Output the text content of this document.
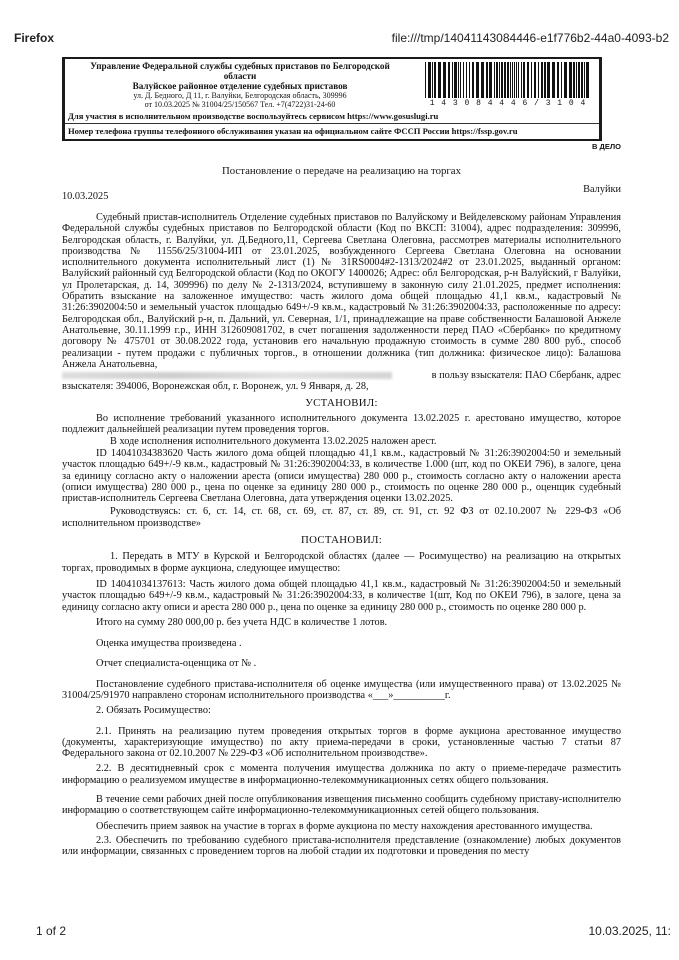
Firefox	file:///tmp/14041143084446-e1f776b2-44a0-4093-b2
Управление Федеральной службы судебных приставов по Белгородской
области
Валуйское районное отделение судебных приставов
ул. Д. Бедного, Д 11, г. Валуйки, Белгородская область, 309996
от 10.03.2025 № 31004/25/150567 Тел. +7(4722)31-24-60	1 4 3 0 8 4 4 4 6 / 3 1 0 4
Для участия в исполнительном производстве воспользуйтесь сервисом https://www.gosuslugi.ru
Номер телефона группы телефонного обслуживания указан на официальном сайте ФССП России https://fssp.gov.ru
В ДЕЛО
Постановление о передаче на реализацию на торгах
10.03.2025
Валуйки

Судебный пристав-исполнитель Отделение судебных приставов по Валуйскому и Вейделевскому районам Управления Федеральной службы судебных приставов по Белгородской области (Код по ВКСП: 31004), адрес подразделения: 309996, Белгородская область, г. Валуйки, ул. Д.Бедного,11, Сергеева Светлана Олеговна, рассмотрев материалы исполнительного производства № 11556/25/31004-ИП от 23.01.2025, возбужденного Сергеева Светлана Олеговна на основании исполнительного документа исполнительный лист (1) № 31RS0004#2-1313/2024#2 от 23.01.2025, выданный органом: Валуйский районный суд Белгородской области (Код по ОКОГУ 1400026; Адрес: обл Белгородская, р-н Валуйский, г Валуйки, ул Пролетарская, д. 14, 309996) по делу № 2-1313/2024, вступившему в законную силу 21.01.2025, предмет исполнения: Обратить взыскание на заложенное имущество: часть жилого дома общей площадью 41,1 кв.м., кадастровый № 31:26:3902004:50 и земельный участок площадью 649+/-9 кв.м., кадастровый № 31:26:3902004:33, расположенные по адресу: Белгородская обл., Валуйский р-н, п. Дальний, ул. Северная, 1/1, принадлежащие на праве собственности Балашовой Анжеле Анатольевне, 30.11.1999 г.р., ИНН 312609081702, в счет погашения задолженности перед ПАО «Сбербанк» по кредитному договору № 475701 от 30.08.2022 года, установив его начальную продажную стоимость в сумме 280 800 руб., способ реализации - путем продажи с публичных торгов., в отношении должника (тип должника: физическое лицо): Балашова Анжела Анатольевна,

в пользу взыскателя: ПАО Сбербанк, адрес
взыскателя: 394006, Воронежская обл, г. Воронеж, ул. 9 Января, д. 28,
УСТАНОВИЛ:

Во исполнение требований указанного исполнительного документа 13.02.2025 г. арестовано имущество, которое подлежит дальнейшей реализации путем проведения торгов.

В ходе исполнения исполнительного документа 13.02.2025 наложен арест.

ID 14041034383620 Часть жилого дома общей площадью 41,1 кв.м., кадастровый № 31:26:3902004:50 и земельный участок площадью 649+/-9 кв.м., кадастровый № 31:26:3902004:33, в количестве 1.000 (шт, код по ОКЕИ 796), в залоге, цена за единицу согласно акту о наложении ареста (описи имущества) 280 000 р., стоимость согласно акту о наложении ареста (описи имущества) 280 000 р., цена по оценке за единицу 280 000 р., стоимость по оценке 280 000 р., оценщик судебный пристав-исполнитель Сергеева Светлана Олеговна, дата утверждения оценки 13.02.2025.

Руководствуясь: ст. 6, ст. 14, ст. 68, ст. 69, ст. 87, ст. 89, ст. 91, ст. 92 ФЗ от 02.10.2007 № 229-ФЗ «Об исполнительном производстве»

ПОСТАНОВИЛ:

1. Передать в МТУ в Курской и Белгородской областях (далее — Росимущество) на реализацию на открытых торгах, проводимых в форме аукциона, следующее имущество:

ID 14041034137613: Часть жилого дома общей площадью 41,1 кв.м., кадастровый № 31:26:3902004:50 и земельный участок площадью 649+/-9 кв.м., кадастровый № 31:26:3902004:33, в количестве 1(шт, Код по ОКЕИ 796), в залоге, цена за единицу согласно акту описи и ареста 280 000 р., цена по оценке за единицу 280 000 р., стоимость по оценке 280 000 р.

Итого на сумму 280 000,00 р. без учета НДС в количестве 1 лотов.

Оценка имущества произведена .

Отчет специалиста-оценщика от № .

Постановление судебного пристава-исполнителя об оценке имущества (или имущественного права) от 13.02.2025 № 31004/25/91970 направлено сторонам исполнительного производства «___»__________г.

2. Обязать Росимущество:

2.1. Принять на реализацию путем проведения открытых торгов в форме аукциона арестованное имущество (документы, характеризующие имущество) по акту приема-передачи в сроки, установленные частью 7 статьи 87 Федерального закона от 02.10.2007 № 229-ФЗ «Об исполнительном производстве».

2.2. В десятидневный срок с момента получения имущества должника по акту о приеме-передаче разместить информацию о реализуемом имуществе в информационно-телекоммуникационных сетях общего пользования.

В течение семи рабочих дней после опубликования извещения письменно сообщить судебному приставу-исполнителю информацию о соответствующем сайте информационно-телекоммуникационных сетей общего пользования.

Обеспечить прием заявок на участие в торгах в форме аукциона по месту нахождения арестованного имущества.

2.3. Обеспечить по требованию судебного пристава-исполнителя представление (ознакомление) любых документов или информации, связанных с проведением торгов на любой стадии их подготовки и проведения по месту

1 of 2	10.03.2025, 11:
